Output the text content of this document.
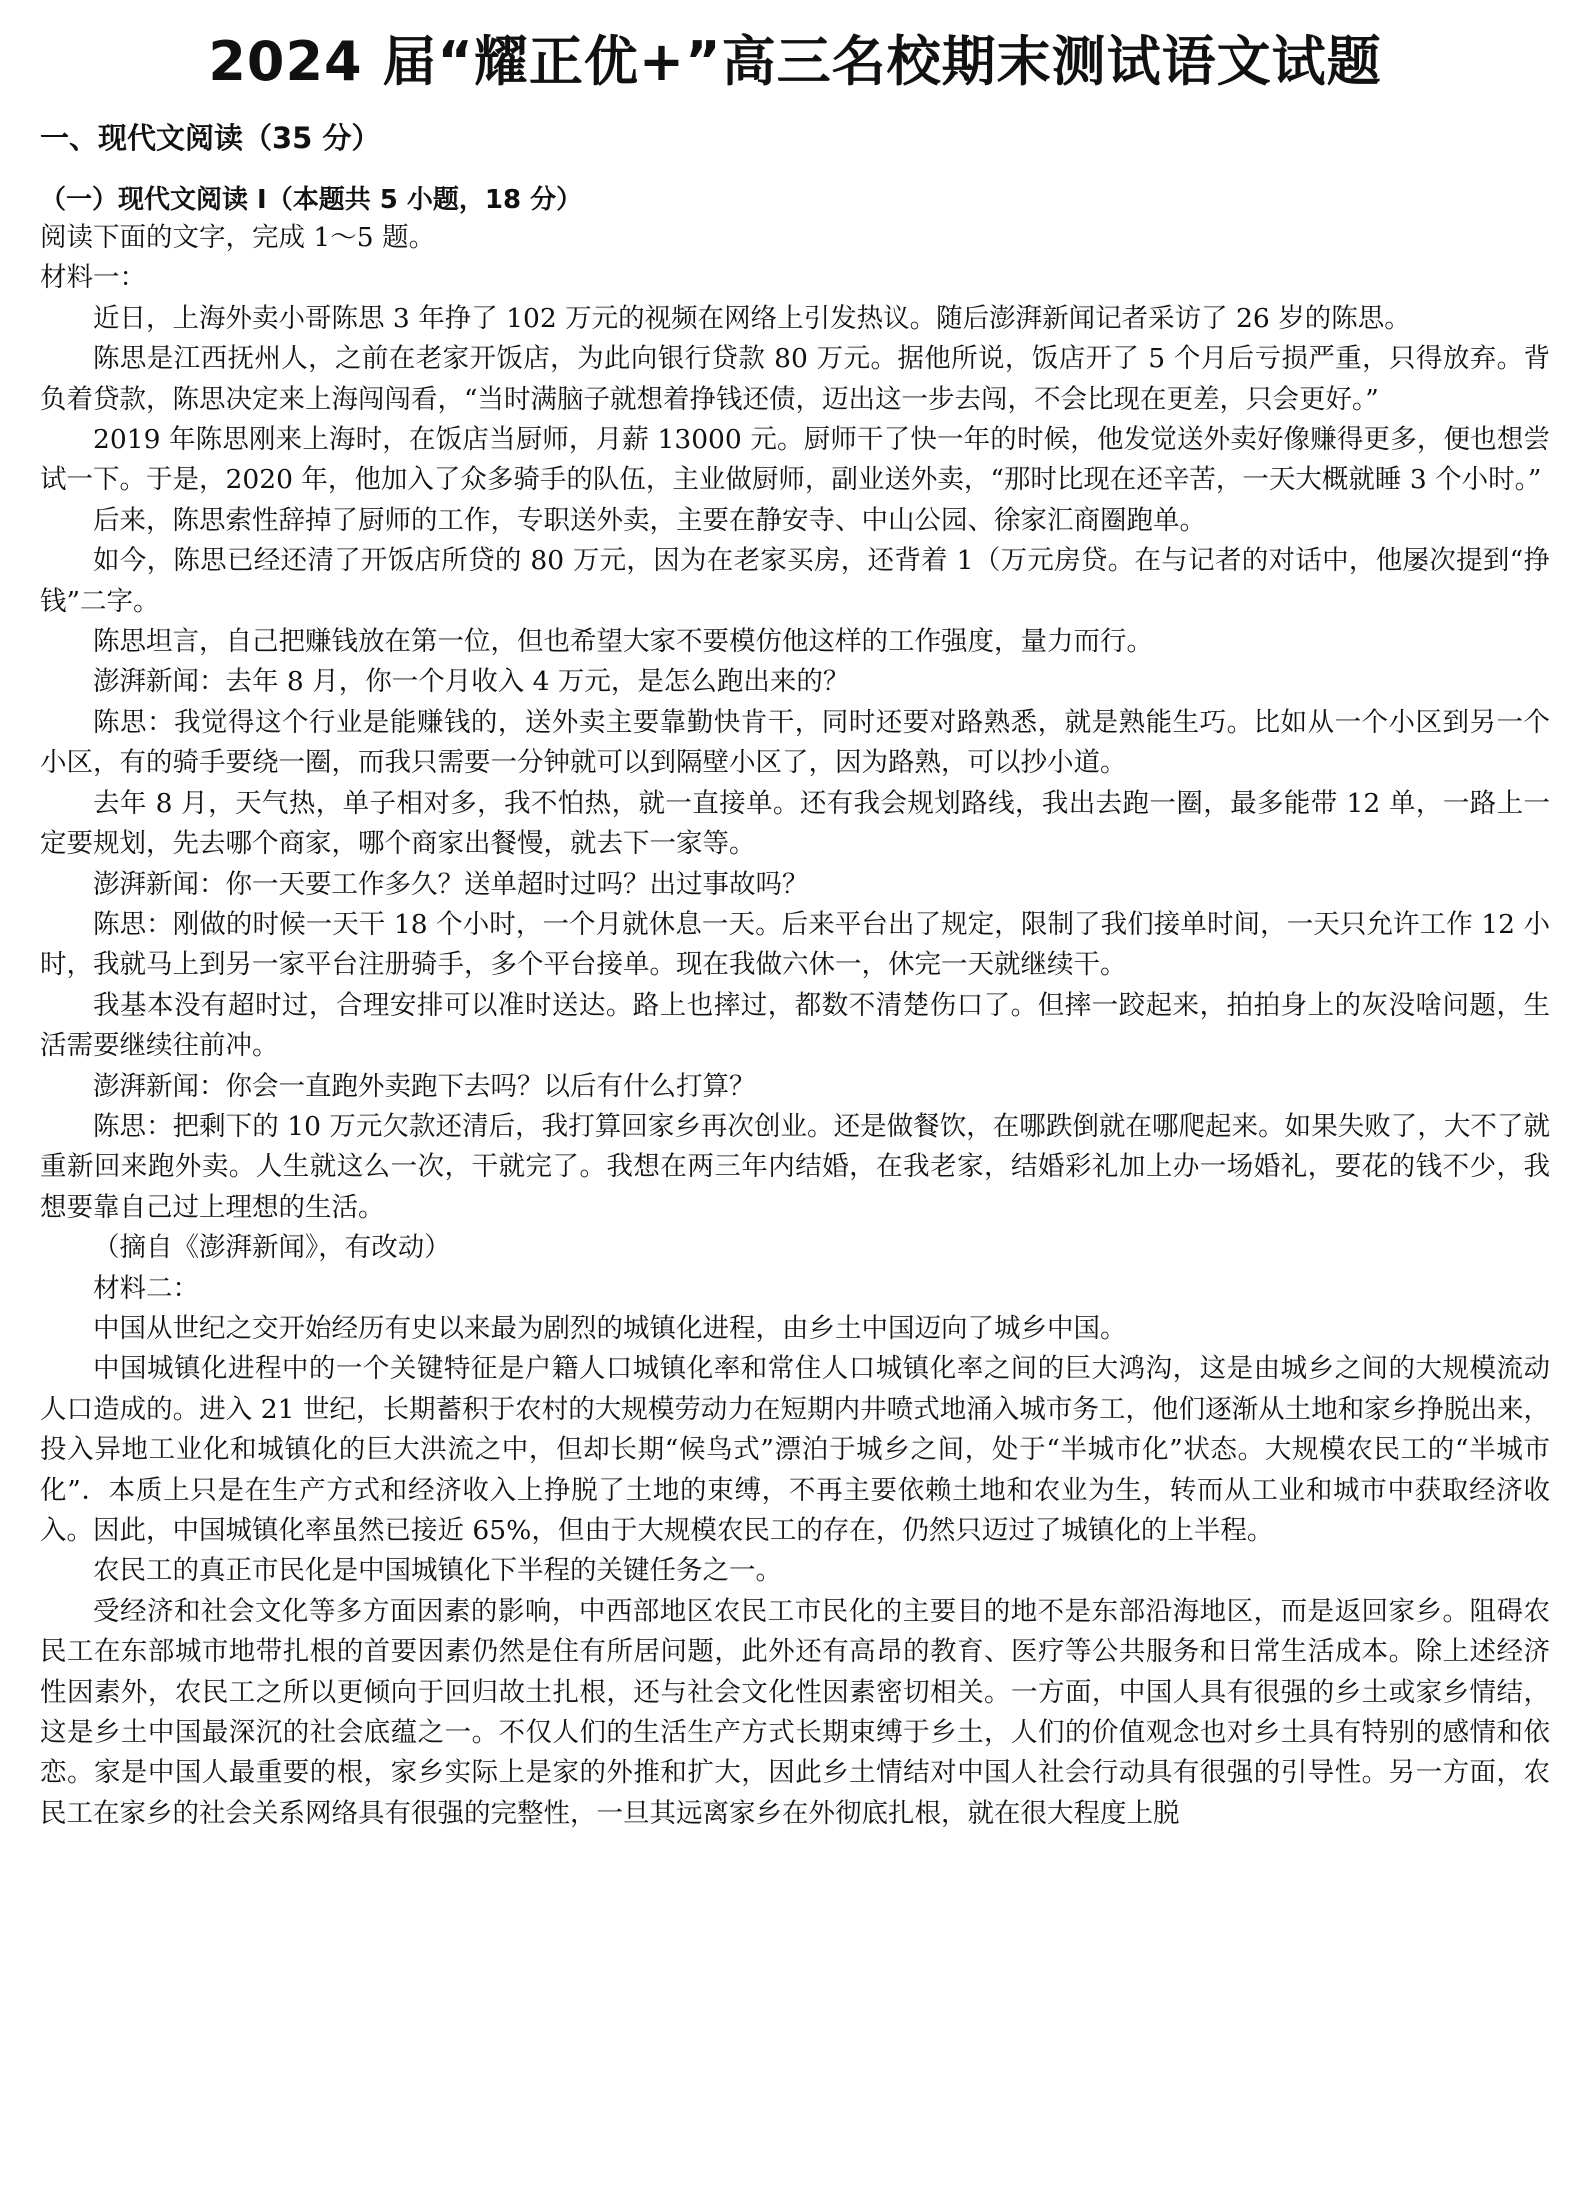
2024 届“耀正优+”高三名校期末测试语文试题
一、现代文阅读（35 分）
（一）现代文阅读 I（本题共 5 小题，18 分）

阅读下面的文字，完成 1～5 题。

材料一：

近日，上海外卖小哥陈思 3 年挣了 102 万元的视频在网络上引发热议。随后澎湃新闻记者采访了 26 岁的陈思。

陈思是江西抚州人，之前在老家开饭店，为此向银行贷款 80 万元。据他所说，饭店开了 5 个月后亏损严重，只得放弃。背负着贷款，陈思决定来上海闯闯看，“当时满脑子就想着挣钱还债，迈出这一步去闯，不会比现在更差，只会更好。”

2019 年陈思刚来上海时，在饭店当厨师，月薪 13000 元。厨师干了快一年的时候，他发觉送外卖好像赚得更多，便也想尝试一下。于是，2020 年，他加入了众多骑手的队伍，主业做厨师，副业送外卖，“那时比现在还辛苦，一天大概就睡 3 个小时。”

后来，陈思索性辞掉了厨师的工作，专职送外卖，主要在静安寺、中山公园、徐家汇商圈跑单。

如今，陈思已经还清了开饭店所贷的 80 万元，因为在老家买房，还背着 1（万元房贷。在与记者的对话中，他屡次提到“挣钱”二字。

陈思坦言，自己把赚钱放在第一位，但也希望大家不要模仿他这样的工作强度，量力而行。

澎湃新闻：去年 8 月，你一个月收入 4 万元，是怎么跑出来的？

陈思：我觉得这个行业是能赚钱的，送外卖主要靠勤快肯干，同时还要对路熟悉，就是熟能生巧。比如从一个小区到另一个小区，有的骑手要绕一圈，而我只需要一分钟就可以到隔壁小区了，因为路熟，可以抄小道。

去年 8 月，天气热，单子相对多，我不怕热，就一直接单。还有我会规划路线，我出去跑一圈，最多能带 12 单，一路上一定要规划，先去哪个商家，哪个商家出餐慢，就去下一家等。

澎湃新闻：你一天要工作多久？送单超时过吗？出过事故吗？

陈思：刚做的时候一天干 18 个小时，一个月就休息一天。后来平台出了规定，限制了我们接单时间，一天只允许工作 12 小时，我就马上到另一家平台注册骑手，多个平台接单。现在我做六休一，休完一天就继续干。

我基本没有超时过，合理安排可以准时送达。路上也摔过，都数不清楚伤口了。但摔一跤起来，拍拍身上的灰没啥问题，生活需要继续往前冲。

澎湃新闻：你会一直跑外卖跑下去吗？以后有什么打算？

陈思：把剩下的 10 万元欠款还清后，我打算回家乡再次创业。还是做餐饮，在哪跌倒就在哪爬起来。如果失败了，大不了就重新回来跑外卖。人生就这么一次，干就完了。我想在两三年内结婚，在我老家，结婚彩礼加上办一场婚礼，要花的钱不少，我想要靠自己过上理想的生活。

（摘自《澎湃新闻》，有改动）

材料二：

中国从世纪之交开始经历有史以来最为剧烈的城镇化进程，由乡土中国迈向了城乡中国。

中国城镇化进程中的一个关键特征是户籍人口城镇化率和常住人口城镇化率之间的巨大鸿沟，这是由城乡之间的大规模流动人口造成的。进入 21 世纪，长期蓄积于农村的大规模劳动力在短期内井喷式地涌入城市务工，他们逐渐从土地和家乡挣脱出来，投入异地工业化和城镇化的巨大洪流之中，但却长期“候鸟式”漂泊于城乡之间，处于“半城市化”状态。大规模农民工的“半城市化”．本质上只是在生产方式和经济收入上挣脱了土地的束缚，不再主要依赖土地和农业为生，转而从工业和城市中获取经济收入。因此，中国城镇化率虽然已接近 65%，但由于大规模农民工的存在，仍然只迈过了城镇化的上半程。

农民工的真正市民化是中国城镇化下半程的关键任务之一。

受经济和社会文化等多方面因素的影响，中西部地区农民工市民化的主要目的地不是东部沿海地区，而是返回家乡。阻碍农民工在东部城市地带扎根的首要因素仍然是住有所居问题，此外还有高昂的教育、医疗等公共服务和日常生活成本。除上述经济性因素外，农民工之所以更倾向于回归故土扎根，还与社会文化性因素密切相关。一方面，中国人具有很强的乡土或家乡情结，这是乡土中国最深沉的社会底蕴之一。不仅人们的生活生产方式长期束缚于乡土，人们的价值观念也对乡土具有特别的感情和依恋。家是中国人最重要的根，家乡实际上是家的外推和扩大，因此乡土情结对中国人社会行动具有很强的引导性。另一方面，农民工在家乡的社会关系网络具有很强的完整性，一旦其远离家乡在外彻底扎根，就在很大程度上脱
